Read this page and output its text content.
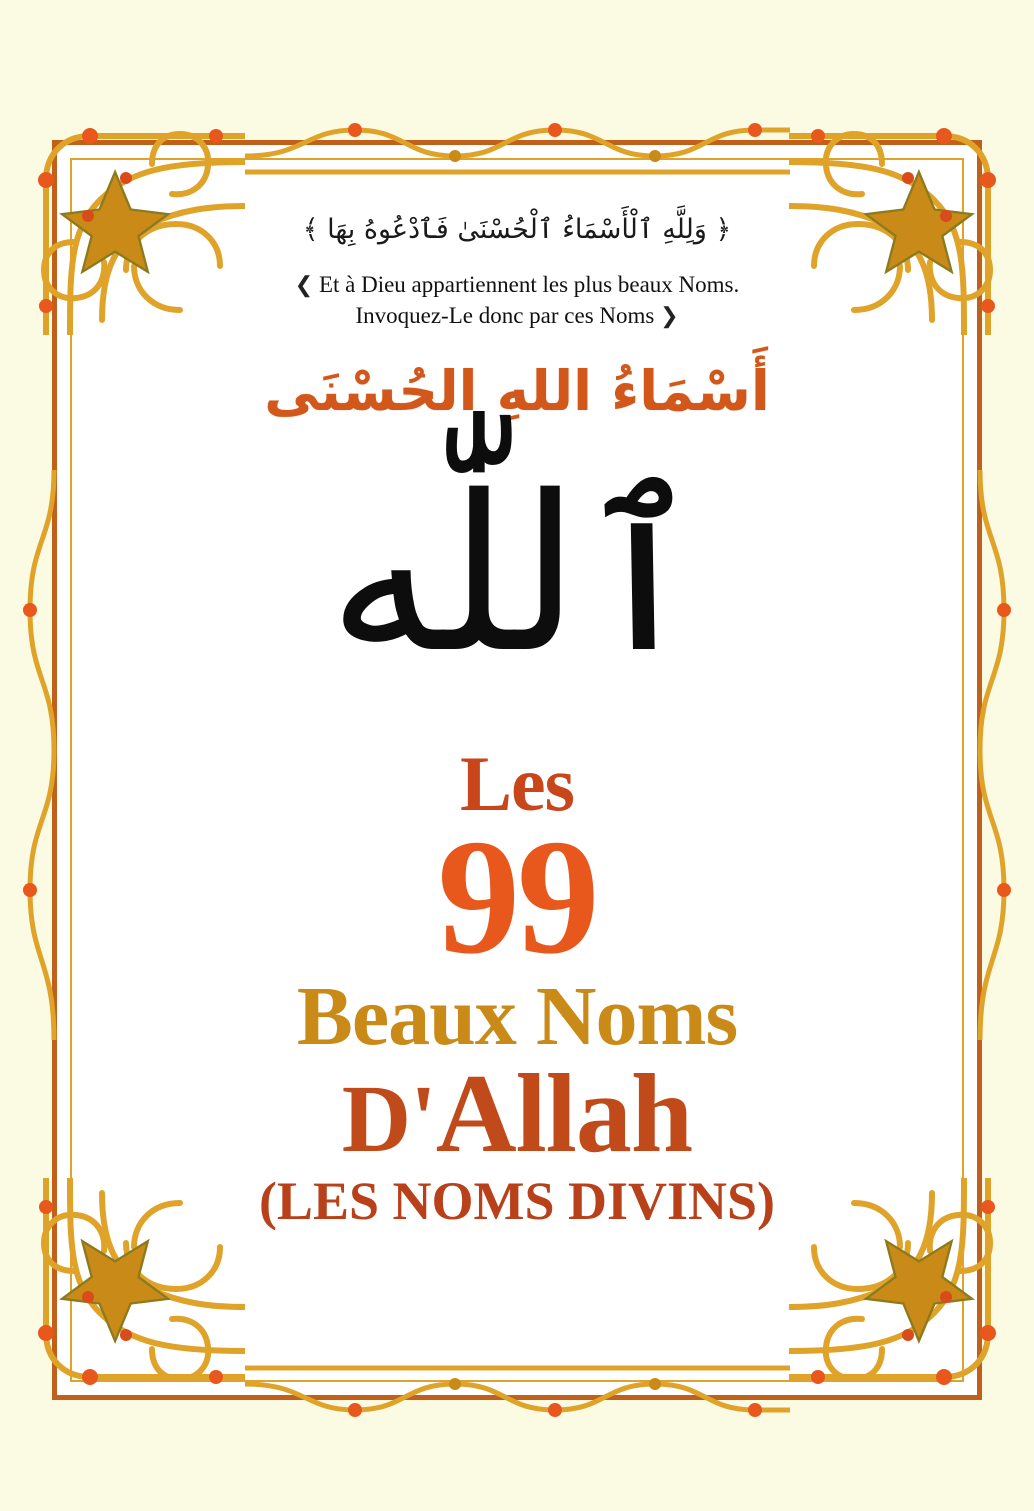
﴿ وَلِلَّهِ ٱلْأَسْمَاءُ ٱلْحُسْنَىٰ فَٱدْعُوهُ بِهَا ﴾
❮ Et à Dieu appartiennent les plus beaux Noms.
Invoquez-Le donc par ces Noms ❯
أَسْمَاءُ اللهِ الحُسْنَى
ٱللّٰه
Les
99
Beaux Noms
D'Allah
(LES NOMS DIVINS)
